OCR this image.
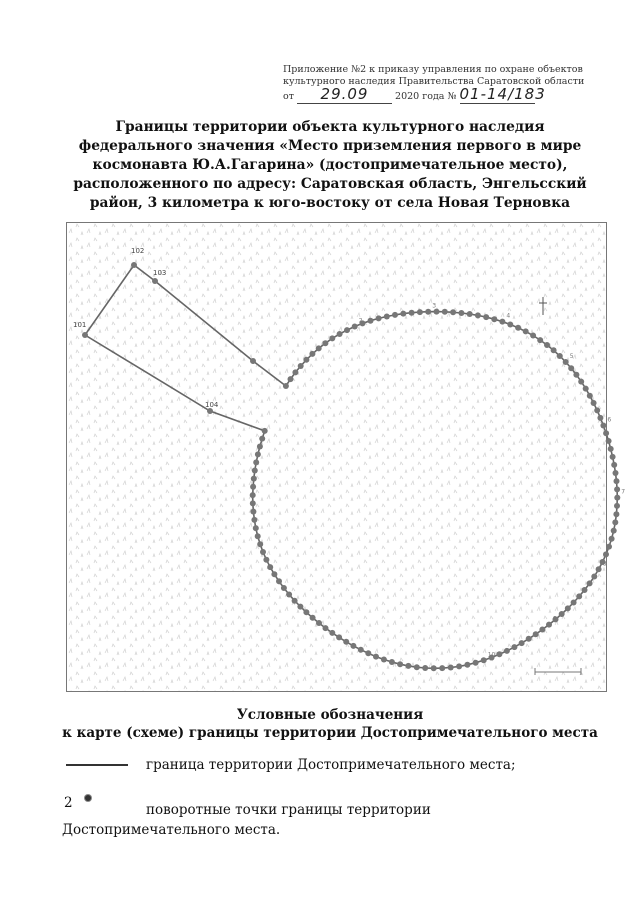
Приложение №2 к приказу управления по охране объектов
культурного наследия Правительства Саратовской области
от 29.09	2020 года № 01-14/183
Границы территории объекта культурного наследия федерального значения «Место приземления первого в мире космонавта Ю.А.Гагарина» (достопримечательное место), расположенного по адресу: Саратовская область, Энгельсский район, 3 километра к юго-востоку от села Новая Терновка
102
103
101
104
1
2
3
4
5
6
7
8
9
10
Условные обозначения
к карте (схеме) границы территории Достопримечательного места
граница территории Достопримечательного места;
2	поворотные точки границы территории
Достопримечательного места.
